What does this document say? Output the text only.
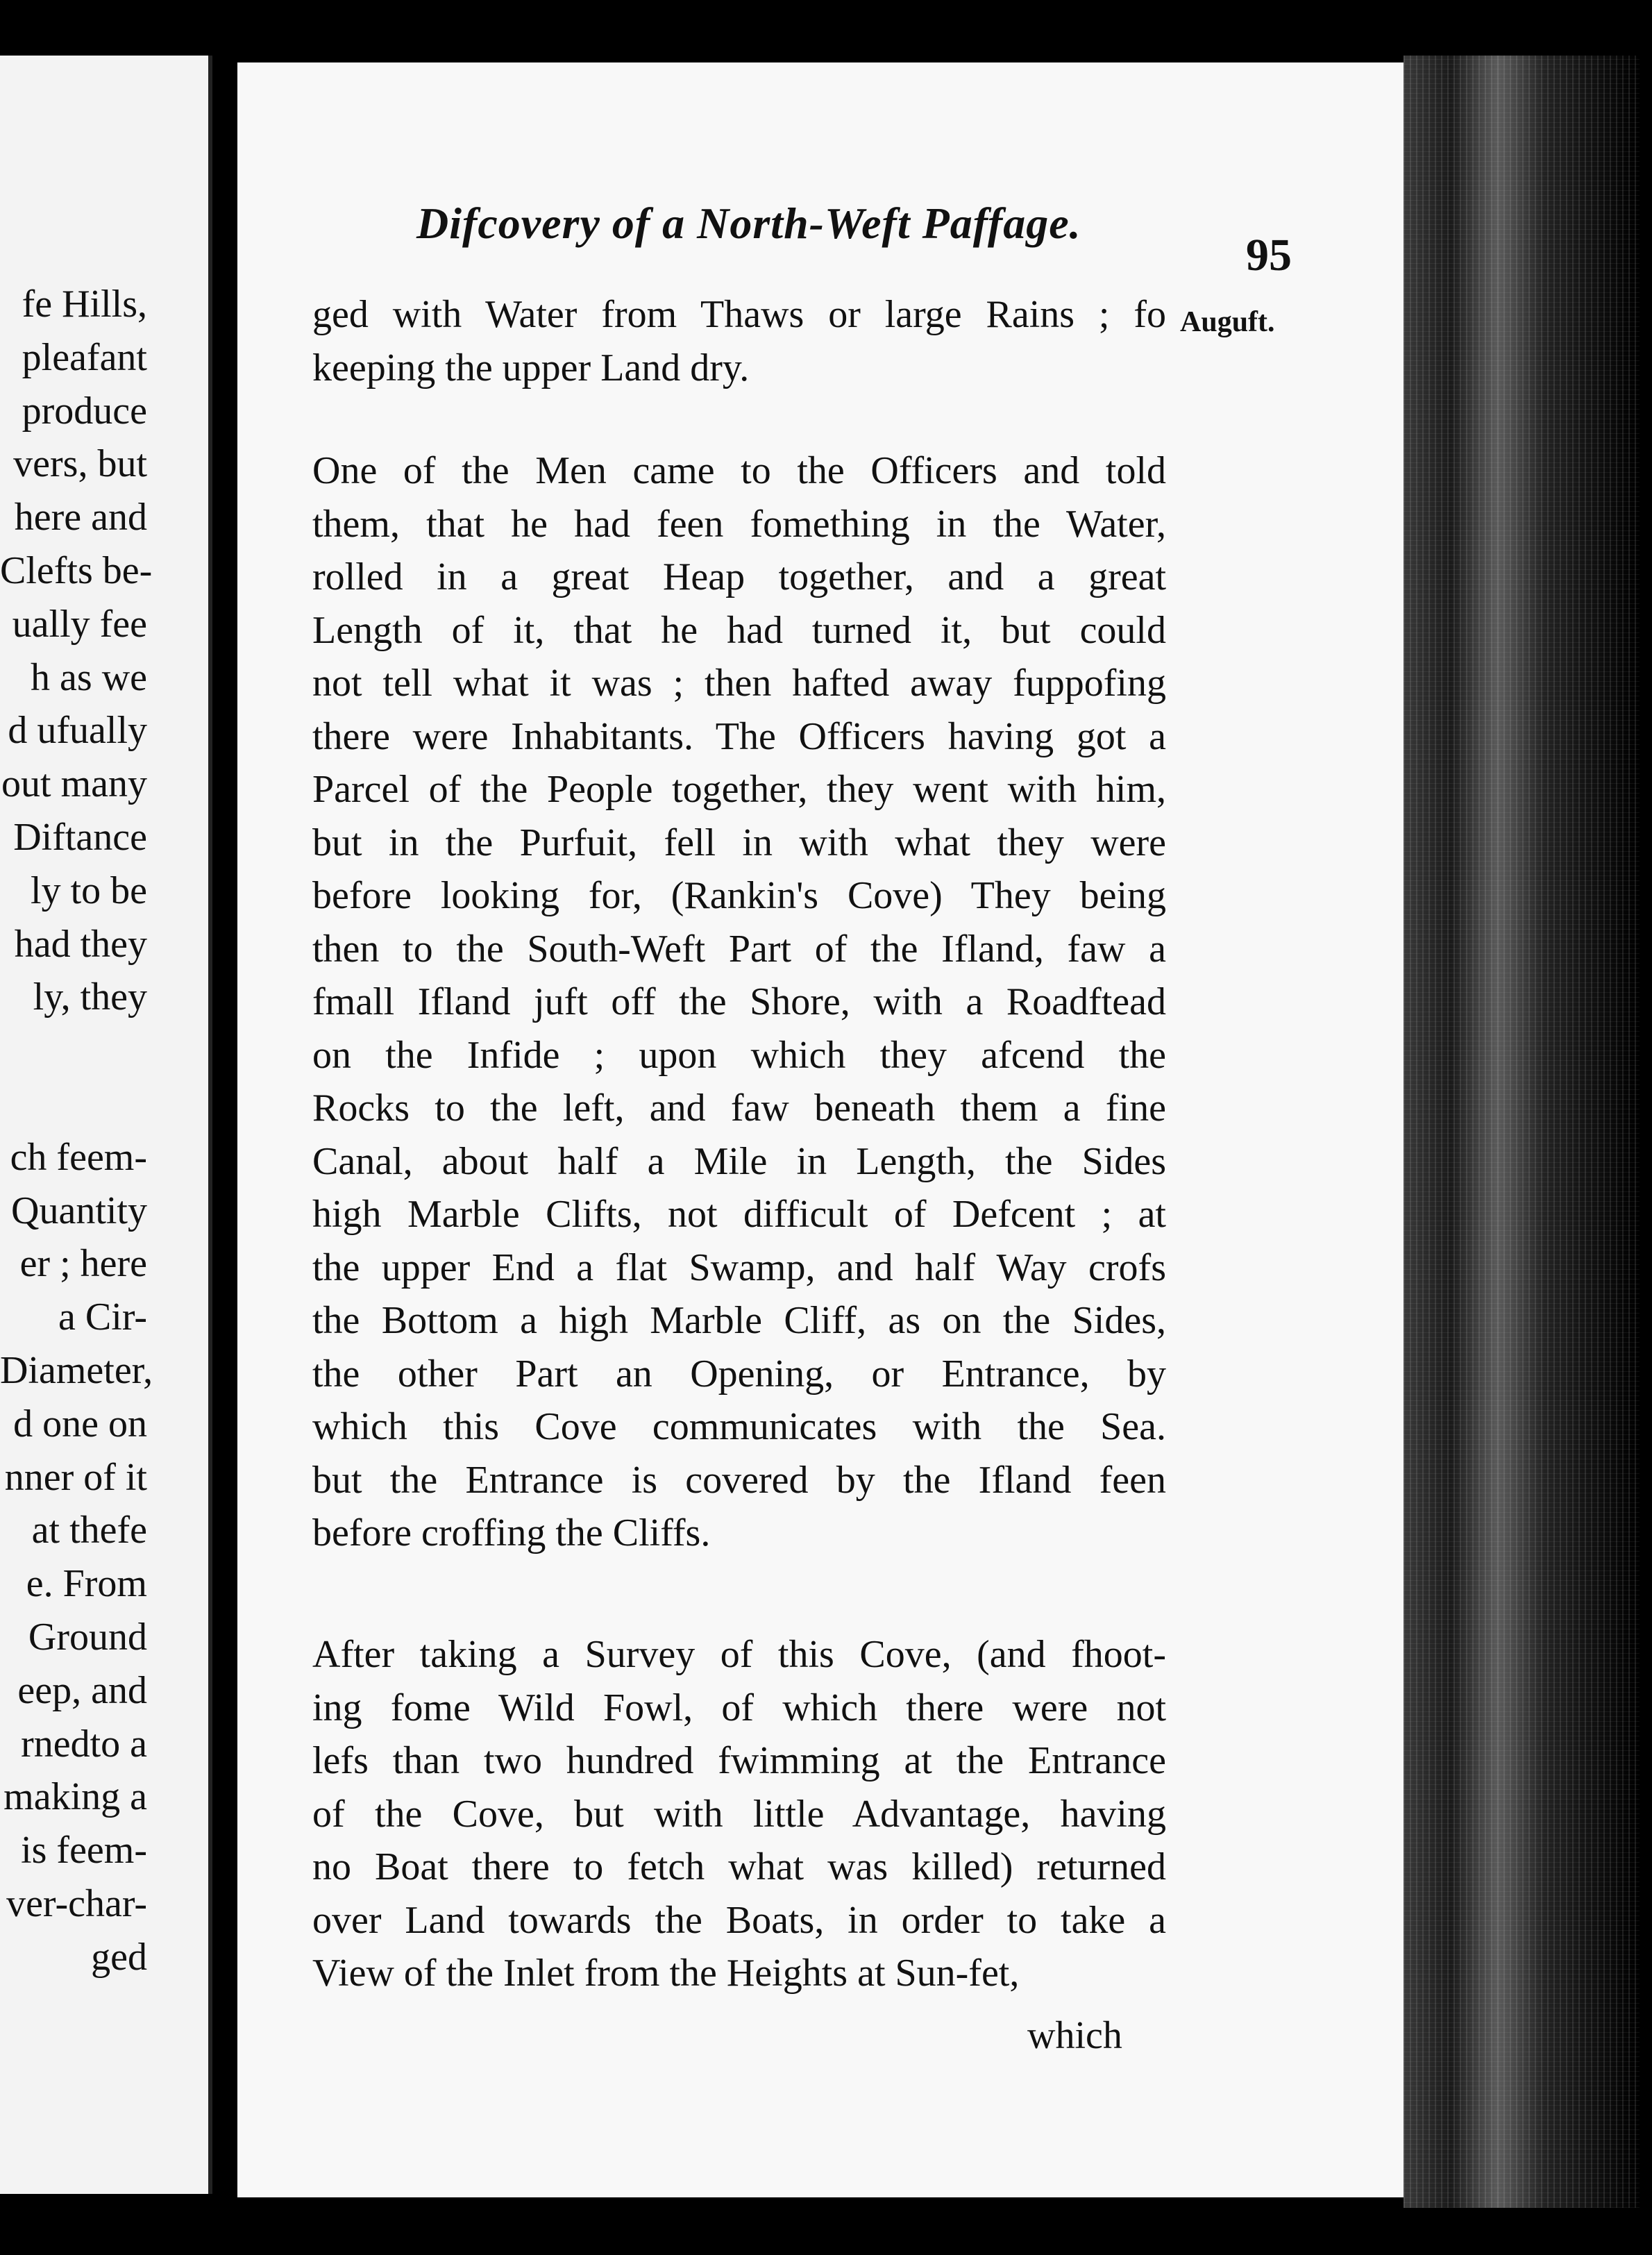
fe Hills,
pleafant
produce
vers, but
here and
Clefts be-
ually fee
h as we
d ufually
out many
Diftance
ly to be
had they
ly, they
ch feem-
Quantity
er ; here
a Cir-
Diameter,
d one on
nner of it
at thefe
e. From
Ground
eep, and
rnedto a
making a
is feem-
ver-char-
ged
Difcovery of a North-Weft Paffage.
95
Auguft.
ged with Water from Thaws or large Rains ; fo
keeping the upper Land dry.
One of the Men came to the Officers and told
them, that he had feen fomething in the Water,
rolled in a great Heap together, and a great
Length of it, that he had turned it, but could
not tell what it was ; then hafted away fuppofing
there were Inhabitants. The Officers having got a
Parcel of the People together, they went with him,
but in the Purfuit, fell in with what they were
before looking for, (Rankin's Cove) They being
then to the South-Weft Part of the Ifland, faw a
fmall Ifland juft off the Shore, with a Roadftead
on the Infide ; upon which they afcend the
Rocks to the left, and faw beneath them a fine
Canal, about half a Mile in Length, the Sides
high Marble Clifts, not difficult of Defcent ; at
the upper End a flat Swamp, and half Way crofs
the Bottom a high Marble Cliff, as on the Sides,
the other Part an Opening, or Entrance, by
which this Cove communicates with the Sea.
but the Entrance is covered by the Ifland feen
before croffing the Cliffs.
After taking a Survey of this Cove, (and fhoot-
ing fome Wild Fowl, of which there were not
lefs than two hundred fwimming at the Entrance
of the Cove, but with little Advantage, having
no Boat there to fetch what was killed) returned
over Land towards the Boats, in order to take a
View of the Inlet from the Heights at Sun-fet,
which
